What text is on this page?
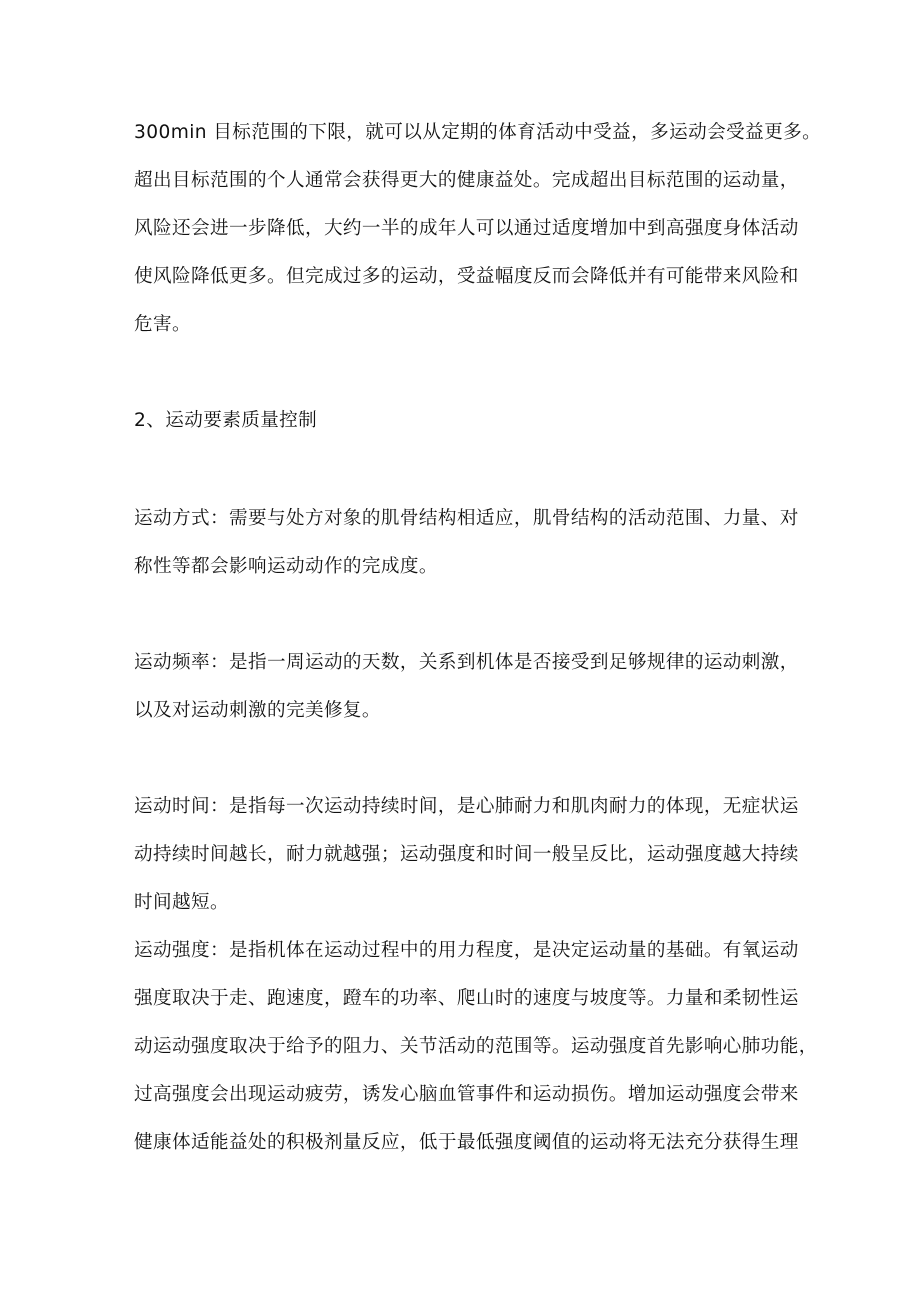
300min 目标范围的下限，就可以从定期的体育活动中受益，多运动会受益更多。

超出目标范围的个人通常会获得更大的健康益处。完成超出目标范围的运动量，

风险还会进一步降低，大约一半的成年人可以通过适度增加中到高强度身体活动

使风险降低更多。但完成过多的运动，受益幅度反而会降低并有可能带来风险和

危害。

2、运动要素质量控制

运动方式：需要与处方对象的肌骨结构相适应，肌骨结构的活动范围、力量、对

称性等都会影响运动动作的完成度。

运动频率：是指一周运动的天数，关系到机体是否接受到足够规律的运动刺激，

以及对运动刺激的完美修复。

运动时间：是指每一次运动持续时间，是心肺耐力和肌肉耐力的体现，无症状运

动持续时间越长，耐力就越强；运动强度和时间一般呈反比，运动强度越大持续

时间越短。

运动强度：是指机体在运动过程中的用力程度，是决定运动量的基础。有氧运动

强度取决于走、跑速度，蹬车的功率、爬山时的速度与坡度等。力量和柔韧性运

动运动强度取决于给予的阻力、关节活动的范围等。运动强度首先影响心肺功能，

过高强度会出现运动疲劳，诱发心脑血管事件和运动损伤。增加运动强度会带来

健康体适能益处的积极剂量反应，低于最低强度阈值的运动将无法充分获得生理
